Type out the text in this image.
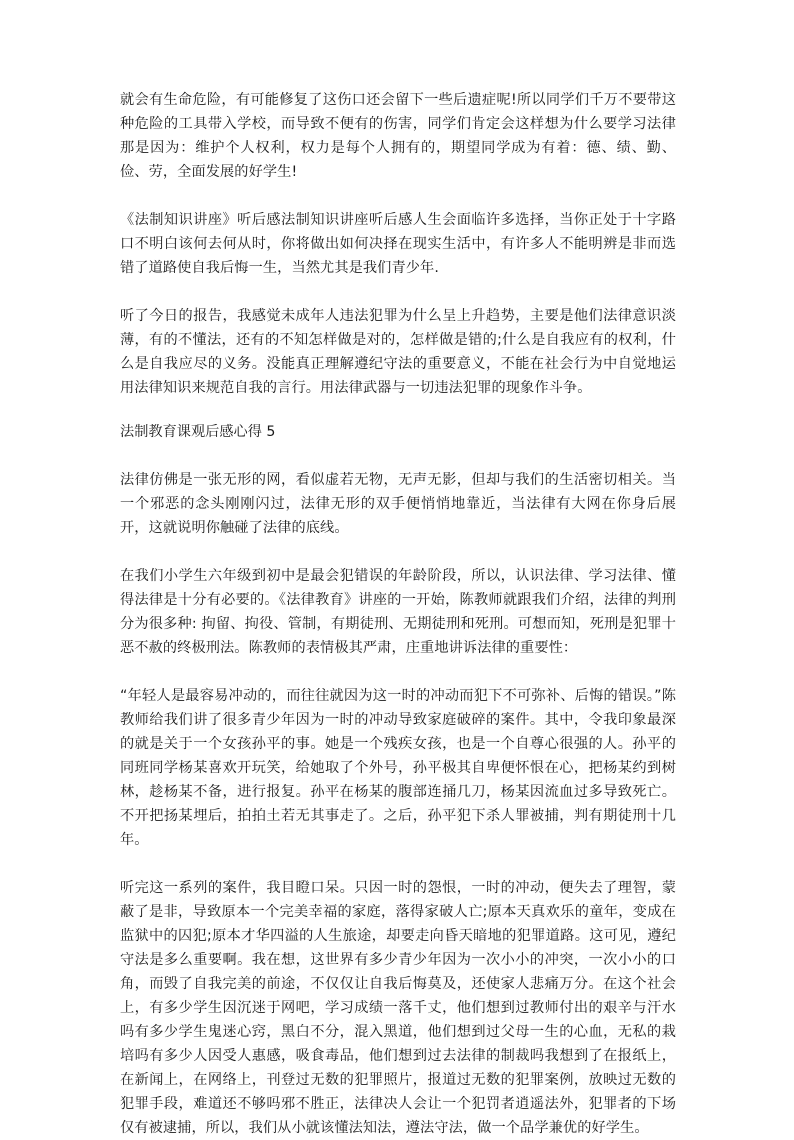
就会有生命危险，有可能修复了这伤口还会留下一些后遗症呢!所以同学们千万不要带这种危险的工具带入学校，而导致不便有的伤害，同学们肯定会这样想为什么要学习法律那是因为：维护个人权利，权力是每个人拥有的，期望同学成为有着：德、绩、勤、俭、劳，全面发展的好学生!

《法制知识讲座》听后感法制知识讲座听后感人生会面临许多选择，当你正处于十字路口不明白该何去何从时，你将做出如何决择在现实生活中，有许多人不能明辨是非而选错了道路使自我后悔一生，当然尤其是我们青少年.

听了今日的报告，我感觉未成年人违法犯罪为什么呈上升趋势，主要是他们法律意识淡薄，有的不懂法，还有的不知怎样做是对的，怎样做是错的;什么是自我应有的权利，什么是自我应尽的义务。没能真正理解遵纪守法的重要意义，不能在社会行为中自觉地运用法律知识来规范自我的言行。用法律武器与一切违法犯罪的现象作斗争。

法制教育课观后感心得 5

法律仿佛是一张无形的网，看似虚若无物，无声无影，但却与我们的生活密切相关。当一个邪恶的念头刚刚闪过，法律无形的双手便悄悄地靠近，当法律有大网在你身后展开，这就说明你触碰了法律的底线。

在我们小学生六年级到初中是最会犯错误的年龄阶段，所以，认识法律、学习法律、懂得法律是十分有必要的。《法律教育》讲座的一开始，陈教师就跟我们介绍，法律的判刑分为很多种: 拘留、拘役、管制，有期徒刑、无期徒刑和死刑。可想而知，死刑是犯罪十恶不赦的终极刑法。陈教师的表情极其严肃，庄重地讲诉法律的重要性：

“年轻人是最容易冲动的，而往往就因为这一时的冲动而犯下不可弥补、后悔的错误。”陈教师给我们讲了很多青少年因为一时的冲动导致家庭破碎的案件。其中，令我印象最深的就是关于一个女孩孙平的事。她是一个残疾女孩，也是一个自尊心很强的人。孙平的同班同学杨某喜欢开玩笑，给她取了个外号，孙平极其自卑便怀恨在心，把杨某约到树林，趁杨某不备，进行报复。孙平在杨某的腹部连捅几刀，杨某因流血过多导致死亡。不开把扬某埋后，拍拍土若无其事走了。之后，孙平犯下杀人罪被捕，判有期徒刑十几年。

听完这一系列的案件，我目瞪口呆。只因一时的怨恨，一时的冲动，便失去了理智，蒙蔽了是非，导致原本一个完美幸福的家庭，落得家破人亡;原本天真欢乐的童年，变成在监狱中的囚犯;原本才华四溢的人生旅途，却要走向昏天暗地的犯罪道路。这可见，遵纪守法是多么重要啊。我在想，这世界有多少青少年因为一次小小的冲突，一次小小的口角，而毁了自我完美的前途，不仅仅让自我后悔莫及，还使家人悲痛万分。在这个社会上，有多少学生因沉迷于网吧，学习成绩一落千丈，他们想到过教师付出的艰辛与汗水吗有多少学生鬼迷心窍，黑白不分，混入黑道，他们想到过父母一生的心血，无私的栽培吗有多少人因受人惠感，吸食毒品，他们想到过去法律的制裁吗我想到了在报纸上，在新闻上，在网络上，刊登过无数的犯罪照片，报道过无数的犯罪案例，放映过无数的犯罪手段，难道还不够吗邪不胜正，法律决人会让一个犯罚者逍遥法外，犯罪者的下场仅有被逮捕，所以，我们从小就该懂法知法，遵法守法，做一个品学兼优的好学生。
